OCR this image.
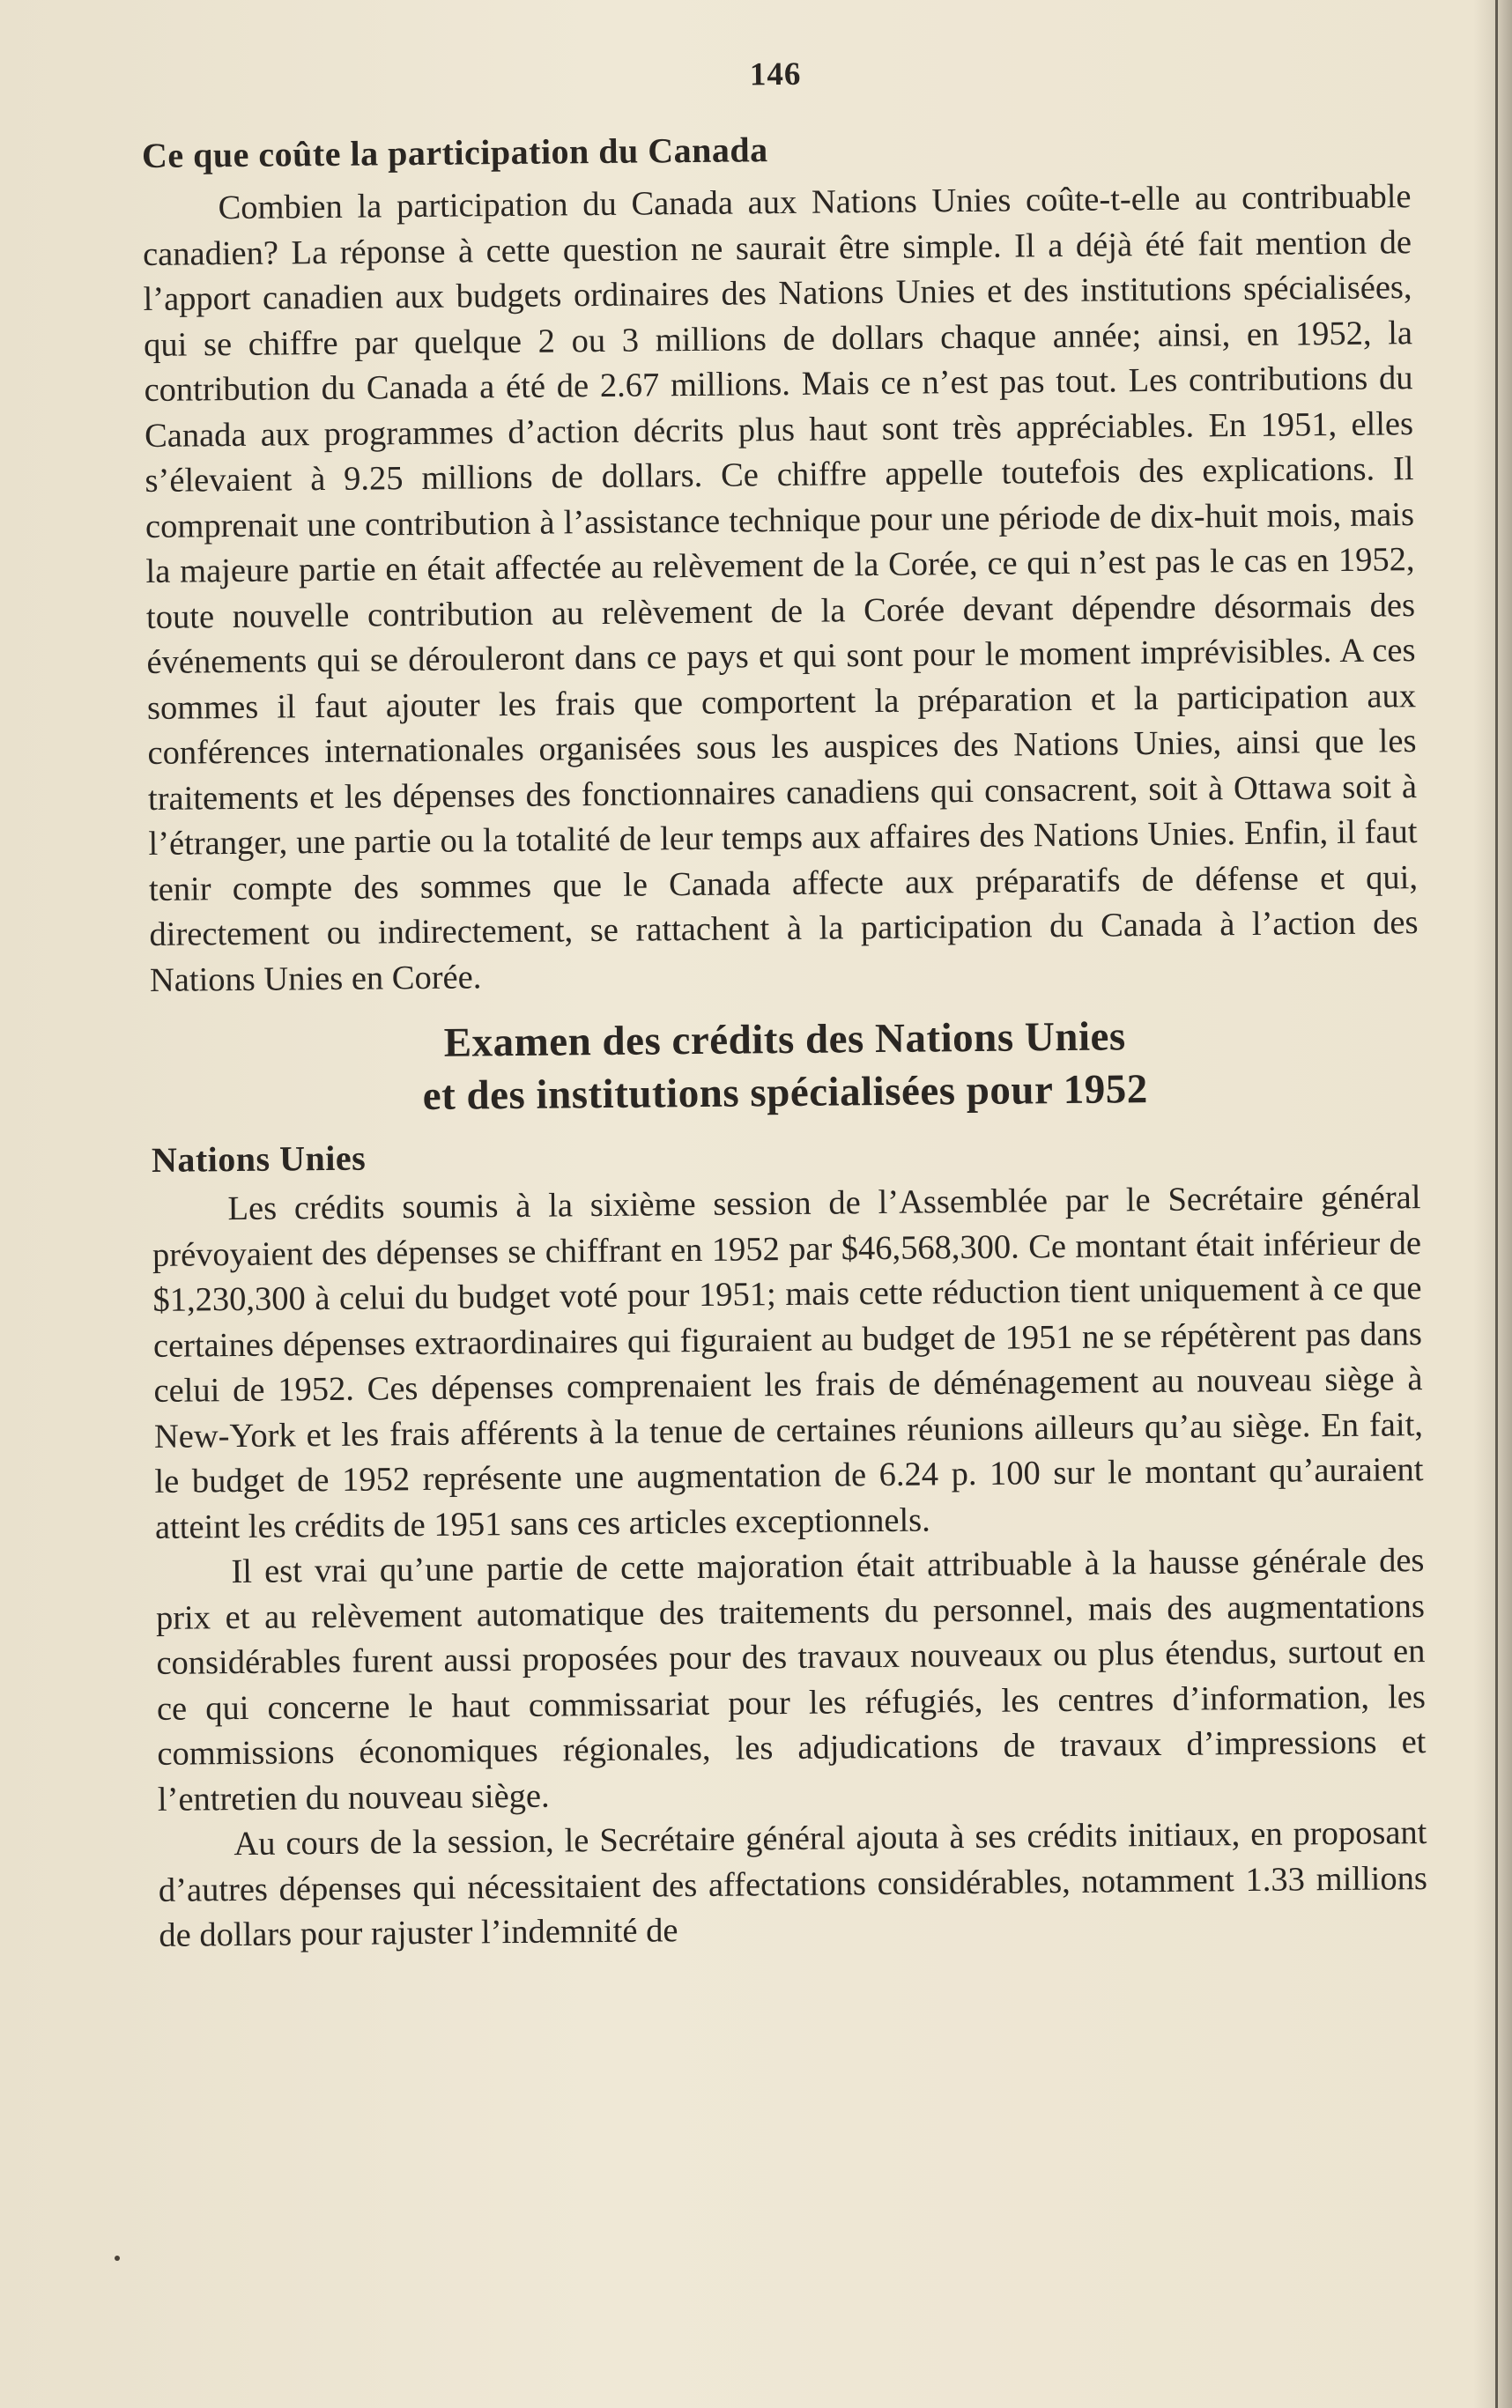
146
Ce que coûte la participation du Canada

Combien la participation du Canada aux Nations Unies coûte-t-elle au contribuable canadien? La réponse à cette question ne saurait être simple. Il a déjà été fait mention de l’apport canadien aux budgets ordinaires des Nations Unies et des institutions spécialisées, qui se chiffre par quelque 2 ou 3 millions de dollars chaque année; ainsi, en 1952, la contribution du Canada a été de 2.67 millions. Mais ce n’est pas tout. Les contributions du Canada aux programmes d’action décrits plus haut sont très appréciables. En 1951, elles s’élevaient à 9.25 millions de dollars. Ce chiffre appelle toutefois des explications. Il comprenait une contribution à l’assistance technique pour une période de dix-huit mois, mais la majeure partie en était affectée au relèvement de la Corée, ce qui n’est pas le cas en 1952, toute nouvelle contribution au relèvement de la Corée devant dépendre désormais des événements qui se dérouleront dans ce pays et qui sont pour le moment imprévisibles. A ces sommes il faut ajouter les frais que comportent la préparation et la participation aux conférences internationales organisées sous les auspices des Nations Unies, ainsi que les traitements et les dépenses des fonctionnaires canadiens qui consacrent, soit à Ottawa soit à l’étranger, une partie ou la totalité de leur temps aux affaires des Nations Unies. Enfin, il faut tenir compte des sommes que le Canada affecte aux préparatifs de défense et qui, directement ou indirectement, se rattachent à la participation du Canada à l’action des Nations Unies en Corée.

Examen des crédits des Nations Unies
et des institutions spécialisées pour 1952
Nations Unies

Les crédits soumis à la sixième session de l’Assemblée par le Secrétaire général prévoyaient des dépenses se chiffrant en 1952 par $46,568,300. Ce montant était inférieur de $1,230,300 à celui du budget voté pour 1951; mais cette réduction tient uniquement à ce que certaines dépenses extraordinaires qui figuraient au budget de 1951 ne se répétèrent pas dans celui de 1952. Ces dépenses comprenaient les frais de déménagement au nouveau siège à New-York et les frais afférents à la tenue de certaines réunions ailleurs qu’au siège. En fait, le budget de 1952 représente une augmentation de 6.24 p. 100 sur le montant qu’auraient atteint les crédits de 1951 sans ces articles exceptionnels.

Il est vrai qu’une partie de cette majoration était attribuable à la hausse générale des prix et au relèvement automatique des traitements du personnel, mais des augmentations considérables furent aussi proposées pour des travaux nouveaux ou plus étendus, surtout en ce qui concerne le haut commissariat pour les réfugiés, les centres d’information, les commissions économiques régionales, les adjudications de travaux d’impressions et l’entretien du nouveau siège.

Au cours de la session, le Secrétaire général ajouta à ses crédits initiaux, en proposant d’autres dépenses qui nécessitaient des affectations considérables, notamment 1.33 millions de dollars pour rajuster l’indemnité de
